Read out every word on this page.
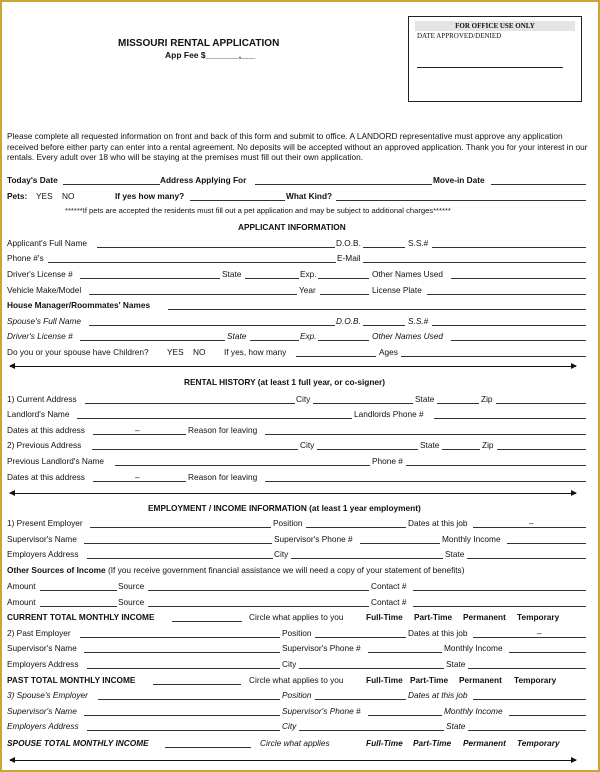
MISSOURI RENTAL APPLICATION
App Fee $_______,___
FOR OFFICE USE ONLY
DATE APPROVED/DENIED
Please complete all requested information on front and back of this form and submit to office. A LANDORD representative must approve any application received before either party can enter into a rental agreement. No deposits will be accepted without an approved application. Thank you for your interest in our rentals. Every adult over 18 who will be staying at the premises must fill out their own application.
Today's Date	Address Applying For	Move-in Date
Pets: YES NO	If yes how many?	What Kind?
******If pets are accepted the residents must fill out a pet application and may be subject to additional charges******
APPLICANT INFORMATION
Applicant's Full Name	D.O.B.	S.S.#
Phone #'s	E-Mail
Driver's License #	State	Exp.	Other Names Used
Vehicle Make/Model	Year	License Plate
House Manager/Roommates' Names
Spouse's Full Name	D.O.B.	S.S.#
Driver's License #	State	Exp.	Other Names Used
Do you or your spouse have Children? YES NO If yes, how many	Ages
RENTAL HISTORY (at least 1 full year, or co-signer)
1) Current Address	City	State	Zip
Landlord's Name	Landlords Phone #
Dates at this address	–	Reason for leaving
2) Previous Address	City	State	Zip
Previous Landlord's Name	Phone #
Dates at this address	–	Reason for leaving
EMPLOYMENT / INCOME INFORMATION (at least 1 year employment)
1) Present Employer	Position	Dates at this job	–
Supervisor's Name	Supervisor's Phone #	Monthly Income
Employers Address	City	State
Other Sources of Income (If you receive government financial assistance we will need a copy of your statement of benefits)
Amount	Source	Contact #
Amount	Source	Contact #
CURRENT TOTAL MONTHLY INCOME	Circle what applies to you	Full-Time Part-Time Permanent Temporary
2) Past Employer	Position	Dates at this job	–
Supervisor's Name	Supervisor's Phone #	Monthly Income
Employers Address	City	State
PAST TOTAL MONTHLY INCOME	Circle what applies to you	Full-Time Part-Time Permanent Temporary
3) Spouse's Employer	Position	Dates at this job
Supervisor's Name	Supervisor's Phone #	Monthly Income
Employers Address	City	State
SPOUSE TOTAL MONTHLY INCOME	Circle what applies	Full-Time Part-Time Permanent Temporary
